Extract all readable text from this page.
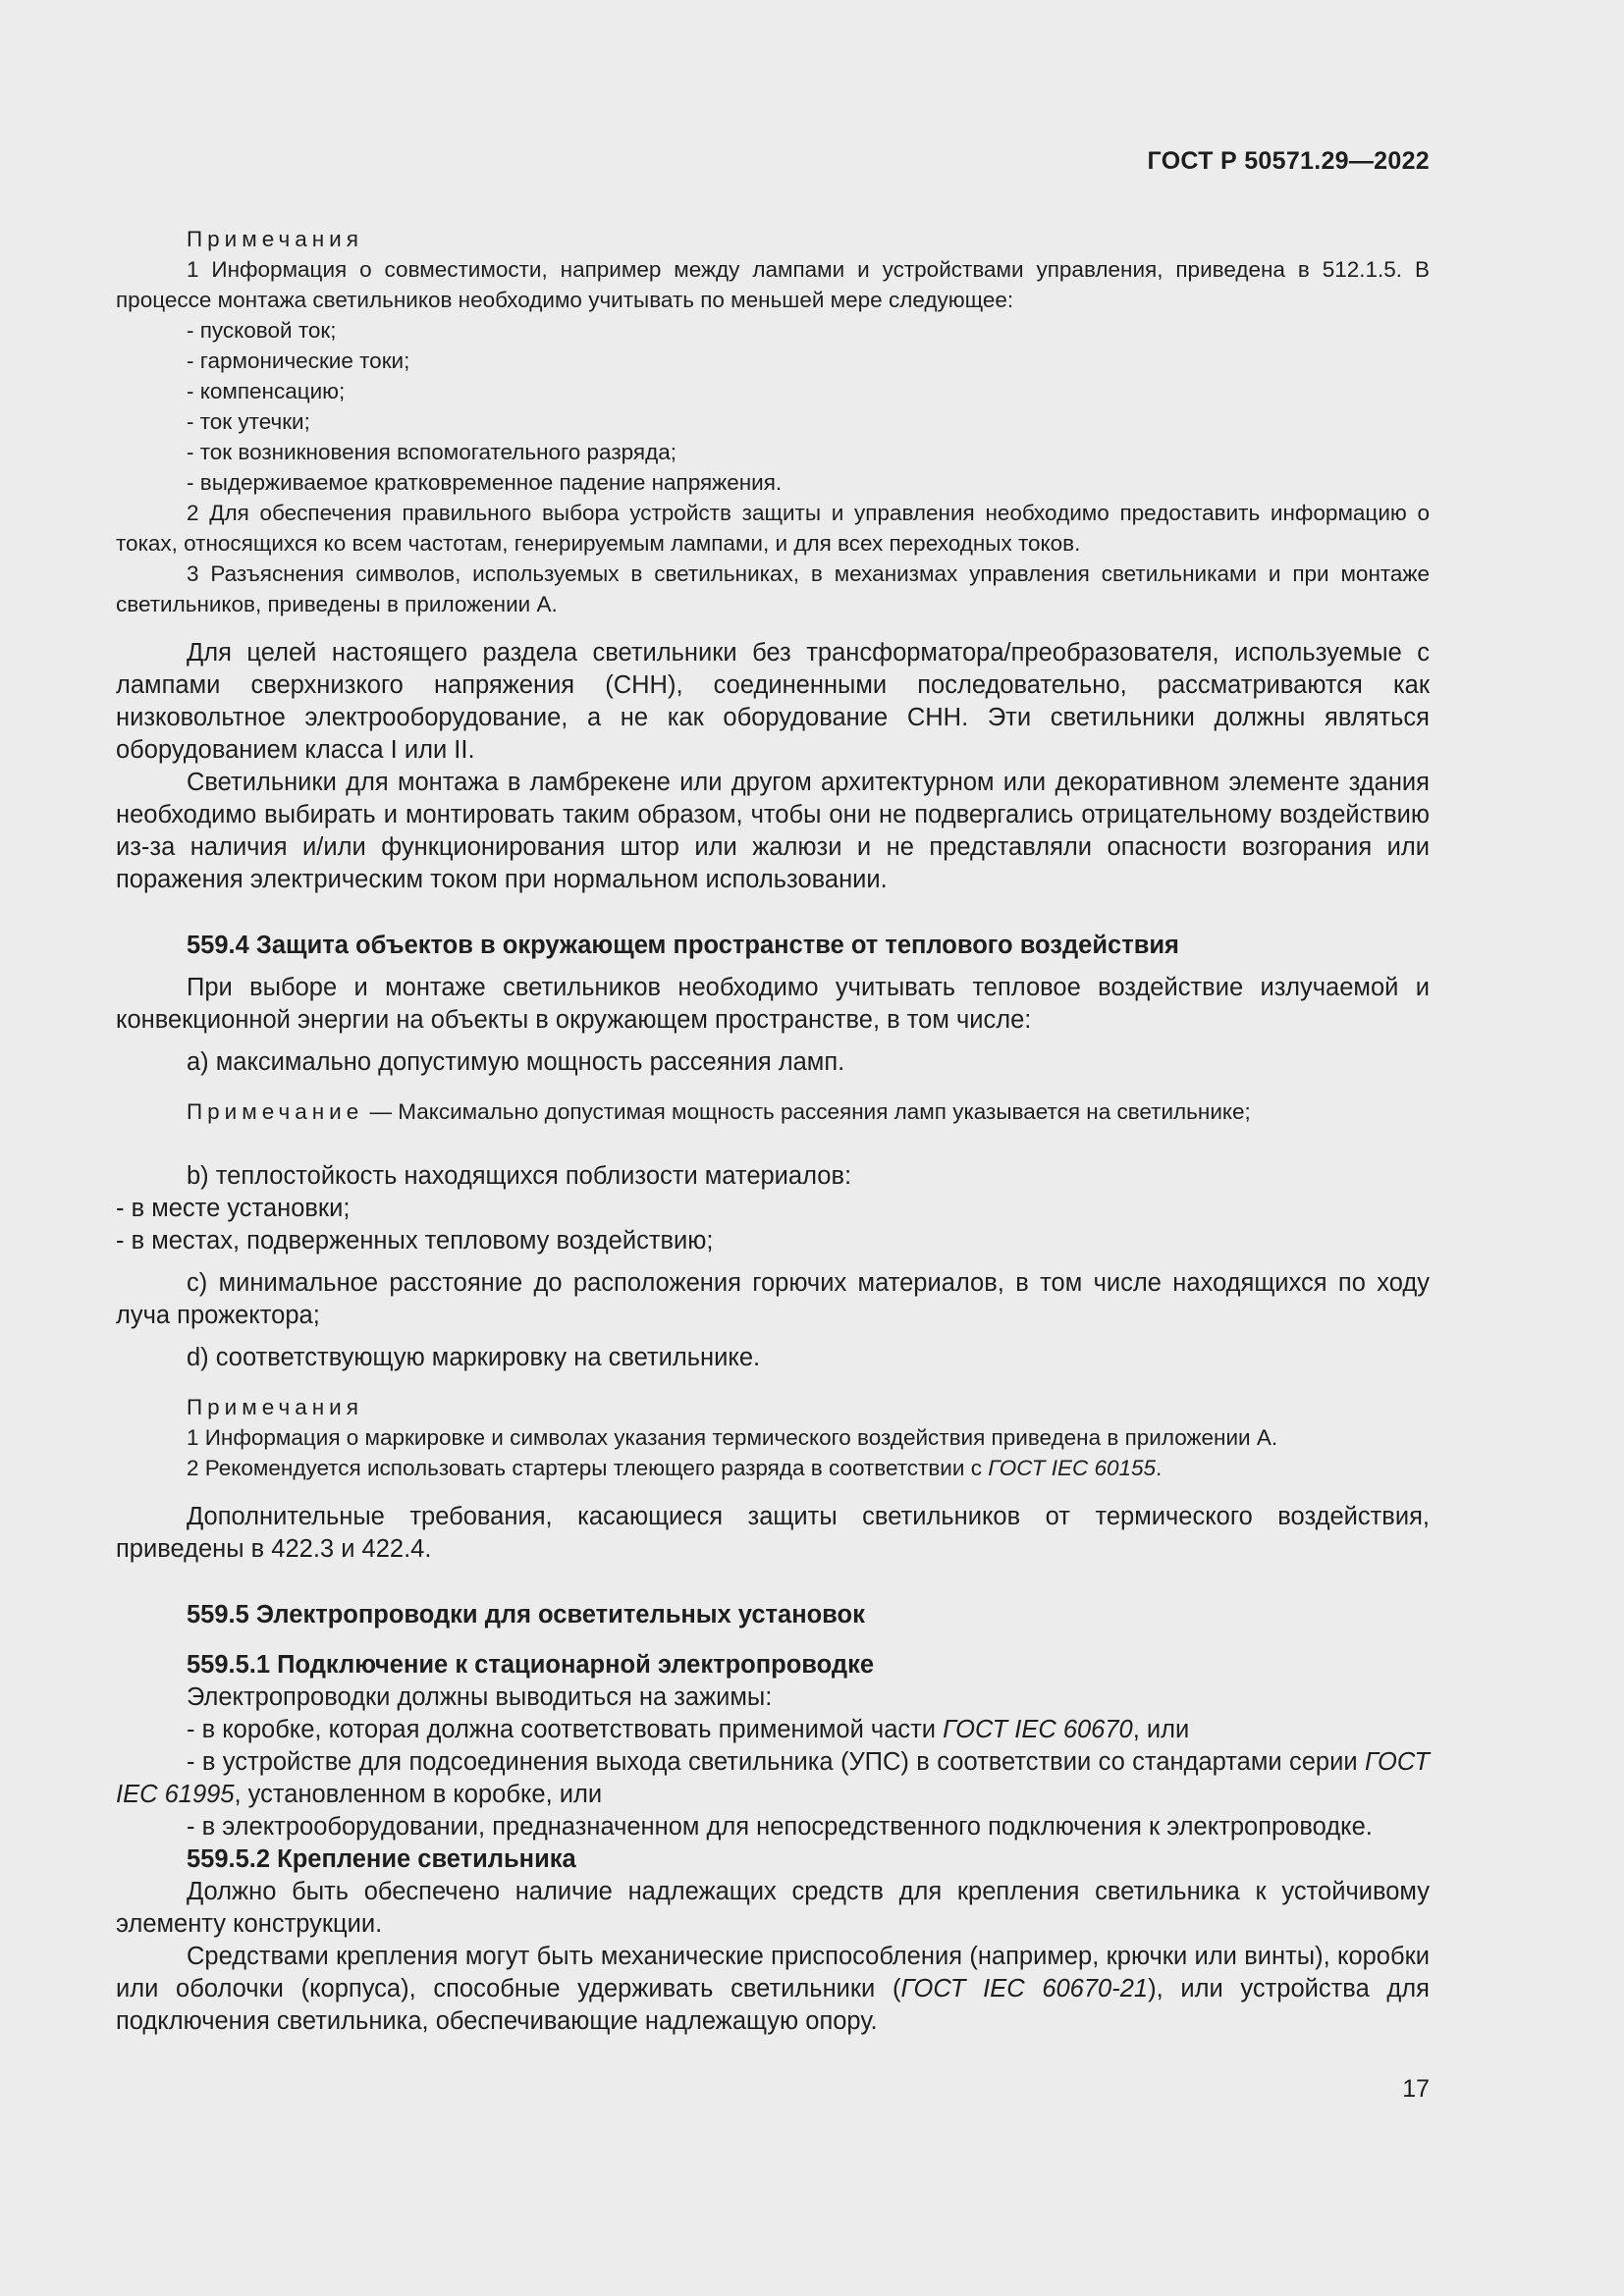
ГОСТ Р 50571.29—2022

Примечания

1 Информация о совместимости, например между лампами и устройствами управления, приведена в 512.1.5. В процессе монтажа светильников необходимо учитывать по меньшей мере следующее:

- пусковой ток;

- гармонические токи;

- компенсацию;

- ток утечки;

- ток возникновения вспомогательного разряда;

- выдерживаемое кратковременное падение напряжения.

2 Для обеспечения правильного выбора устройств защиты и управления необходимо предоставить информацию о токах, относящихся ко всем частотам, генерируемым лампами, и для всех переходных токов.

3 Разъяснения символов, используемых в светильниках, в механизмах управления светильниками и при монтаже светильников, приведены в приложении А.

Для целей настоящего раздела светильники без трансформатора/преобразователя, используемые с лампами сверхнизкого напряжения (СНН), соединенными последовательно, рассматриваются как низковольтное электрооборудование, а не как оборудование СНН. Эти светильники должны являться оборудованием класса I или II.

Светильники для монтажа в ламбрекене или другом архитектурном или декоративном элементе здания необходимо выбирать и монтировать таким образом, чтобы они не подвергались отрицательному воздействию из-за наличия и/или функционирования штор или жалюзи и не представляли опасности возгорания или поражения электрическим током при нормальном использовании.

559.4 Защита объектов в окружающем пространстве от теплового воздействия

При выборе и монтаже светильников необходимо учитывать тепловое воздействие излучаемой и конвекционной энергии на объекты в окружающем пространстве, в том числе:

a) максимально допустимую мощность рассеяния ламп.

Примечание — Максимально допустимая мощность рассеяния ламп указывается на светильнике;

b) теплостойкость находящихся поблизости материалов:

- в месте установки;

- в местах, подверженных тепловому воздействию;

c) минимальное расстояние до расположения горючих материалов, в том числе находящихся по ходу луча прожектора;

d) соответствующую маркировку на светильнике.

Примечания

1 Информация о маркировке и символах указания термического воздействия приведена в приложении А.

2 Рекомендуется использовать стартеры тлеющего разряда в соответствии с ГОСТ IEC 60155.

Дополнительные требования, касающиеся защиты светильников от термического воздействия, приведены в 422.3 и 422.4.

559.5 Электропроводки для осветительных установок

559.5.1 Подключение к стационарной электропроводке

Электропроводки должны выводиться на зажимы:

- в коробке, которая должна соответствовать применимой части ГОСТ IEC 60670, или

- в устройстве для подсоединения выхода светильника (УПС) в соответствии со стандартами серии ГОСТ IEC 61995, установленном в коробке, или

- в электрооборудовании, предназначенном для непосредственного подключения к электропроводке.

559.5.2 Крепление светильника

Должно быть обеспечено наличие надлежащих средств для крепления светильника к устойчивому элементу конструкции.

Средствами крепления могут быть механические приспособления (например, крючки или винты), коробки или оболочки (корпуса), способные удерживать светильники (ГОСТ IEC 60670-21), или устройства для подключения светильника, обеспечивающие надлежащую опору.

17
